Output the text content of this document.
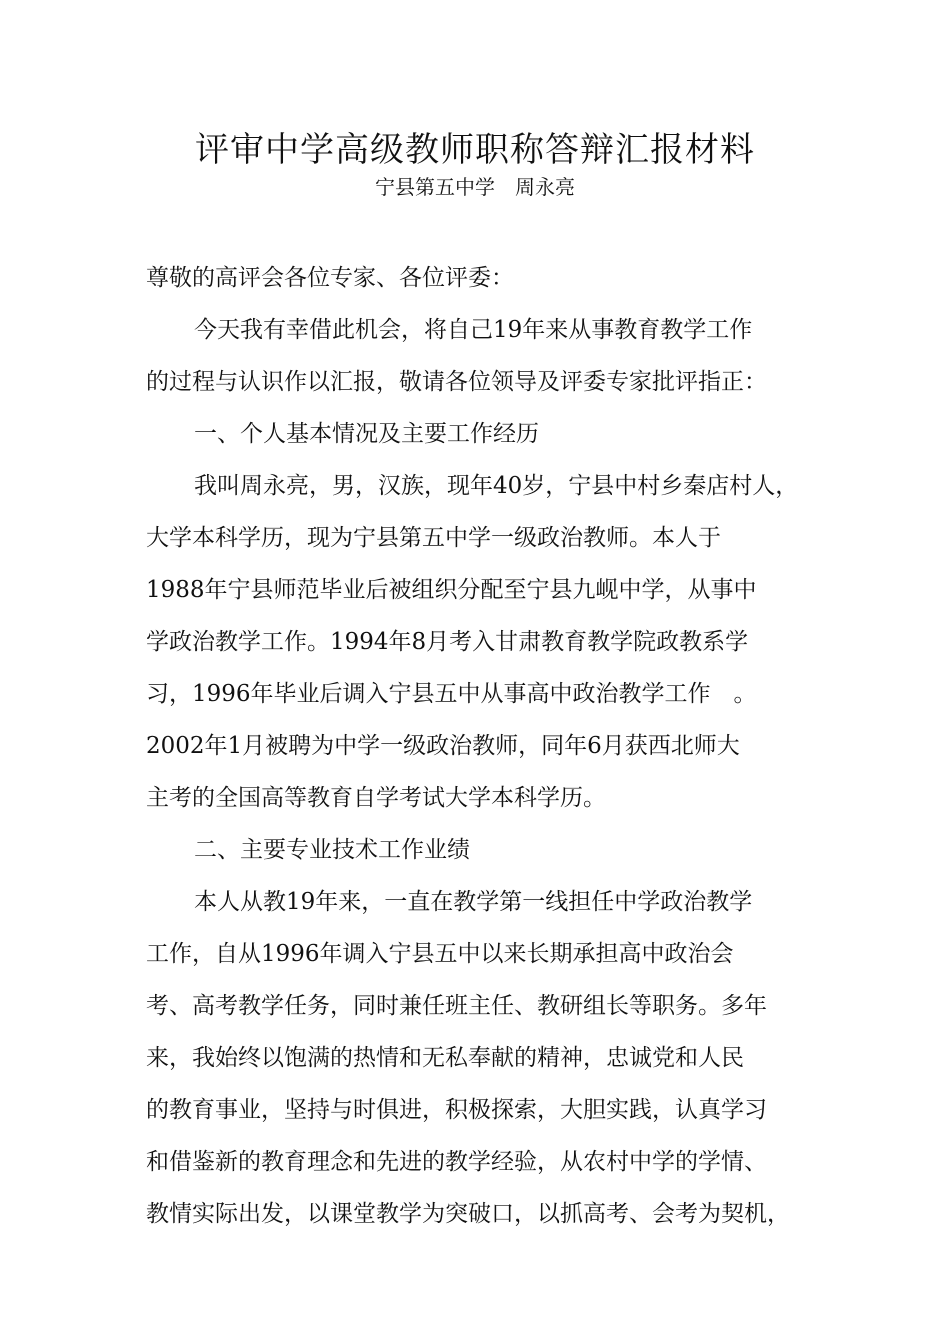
评审中学高级教师职称答辩汇报材料
宁县第五中学　周永亮
尊敬的高评会各位专家、各位评委：
今天我有幸借此机会，将自己19年来从事教育教学工作
的过程与认识作以汇报，敬请各位领导及评委专家批评指正：
一、个人基本情况及主要工作经历
我叫周永亮，男，汉族，现年40岁，宁县中村乡秦店村人，
大学本科学历，现为宁县第五中学一级政治教师。本人于
1988年宁县师范毕业后被组织分配至宁县九岘中学，从事中
学政治教学工作。1994年8月考入甘肃教育教学院政教系学
习，1996年毕业后调入宁县五中从事高中政治教学工作　。
2002年1月被聘为中学一级政治教师，同年6月获西北师大
主考的全国高等教育自学考试大学本科学历。
二、主要专业技术工作业绩
本人从教19年来，一直在教学第一线担任中学政治教学
工作，自从1996年调入宁县五中以来长期承担高中政治会
考、高考教学任务，同时兼任班主任、教研组长等职务。多年
来，我始终以饱满的热情和无私奉献的精神，忠诚党和人民
的教育事业，坚持与时俱进，积极探索，大胆实践，认真学习
和借鉴新的教育理念和先进的教学经验，从农村中学的学情、
教情实际出发，以课堂教学为突破口，以抓高考、会考为契机，
